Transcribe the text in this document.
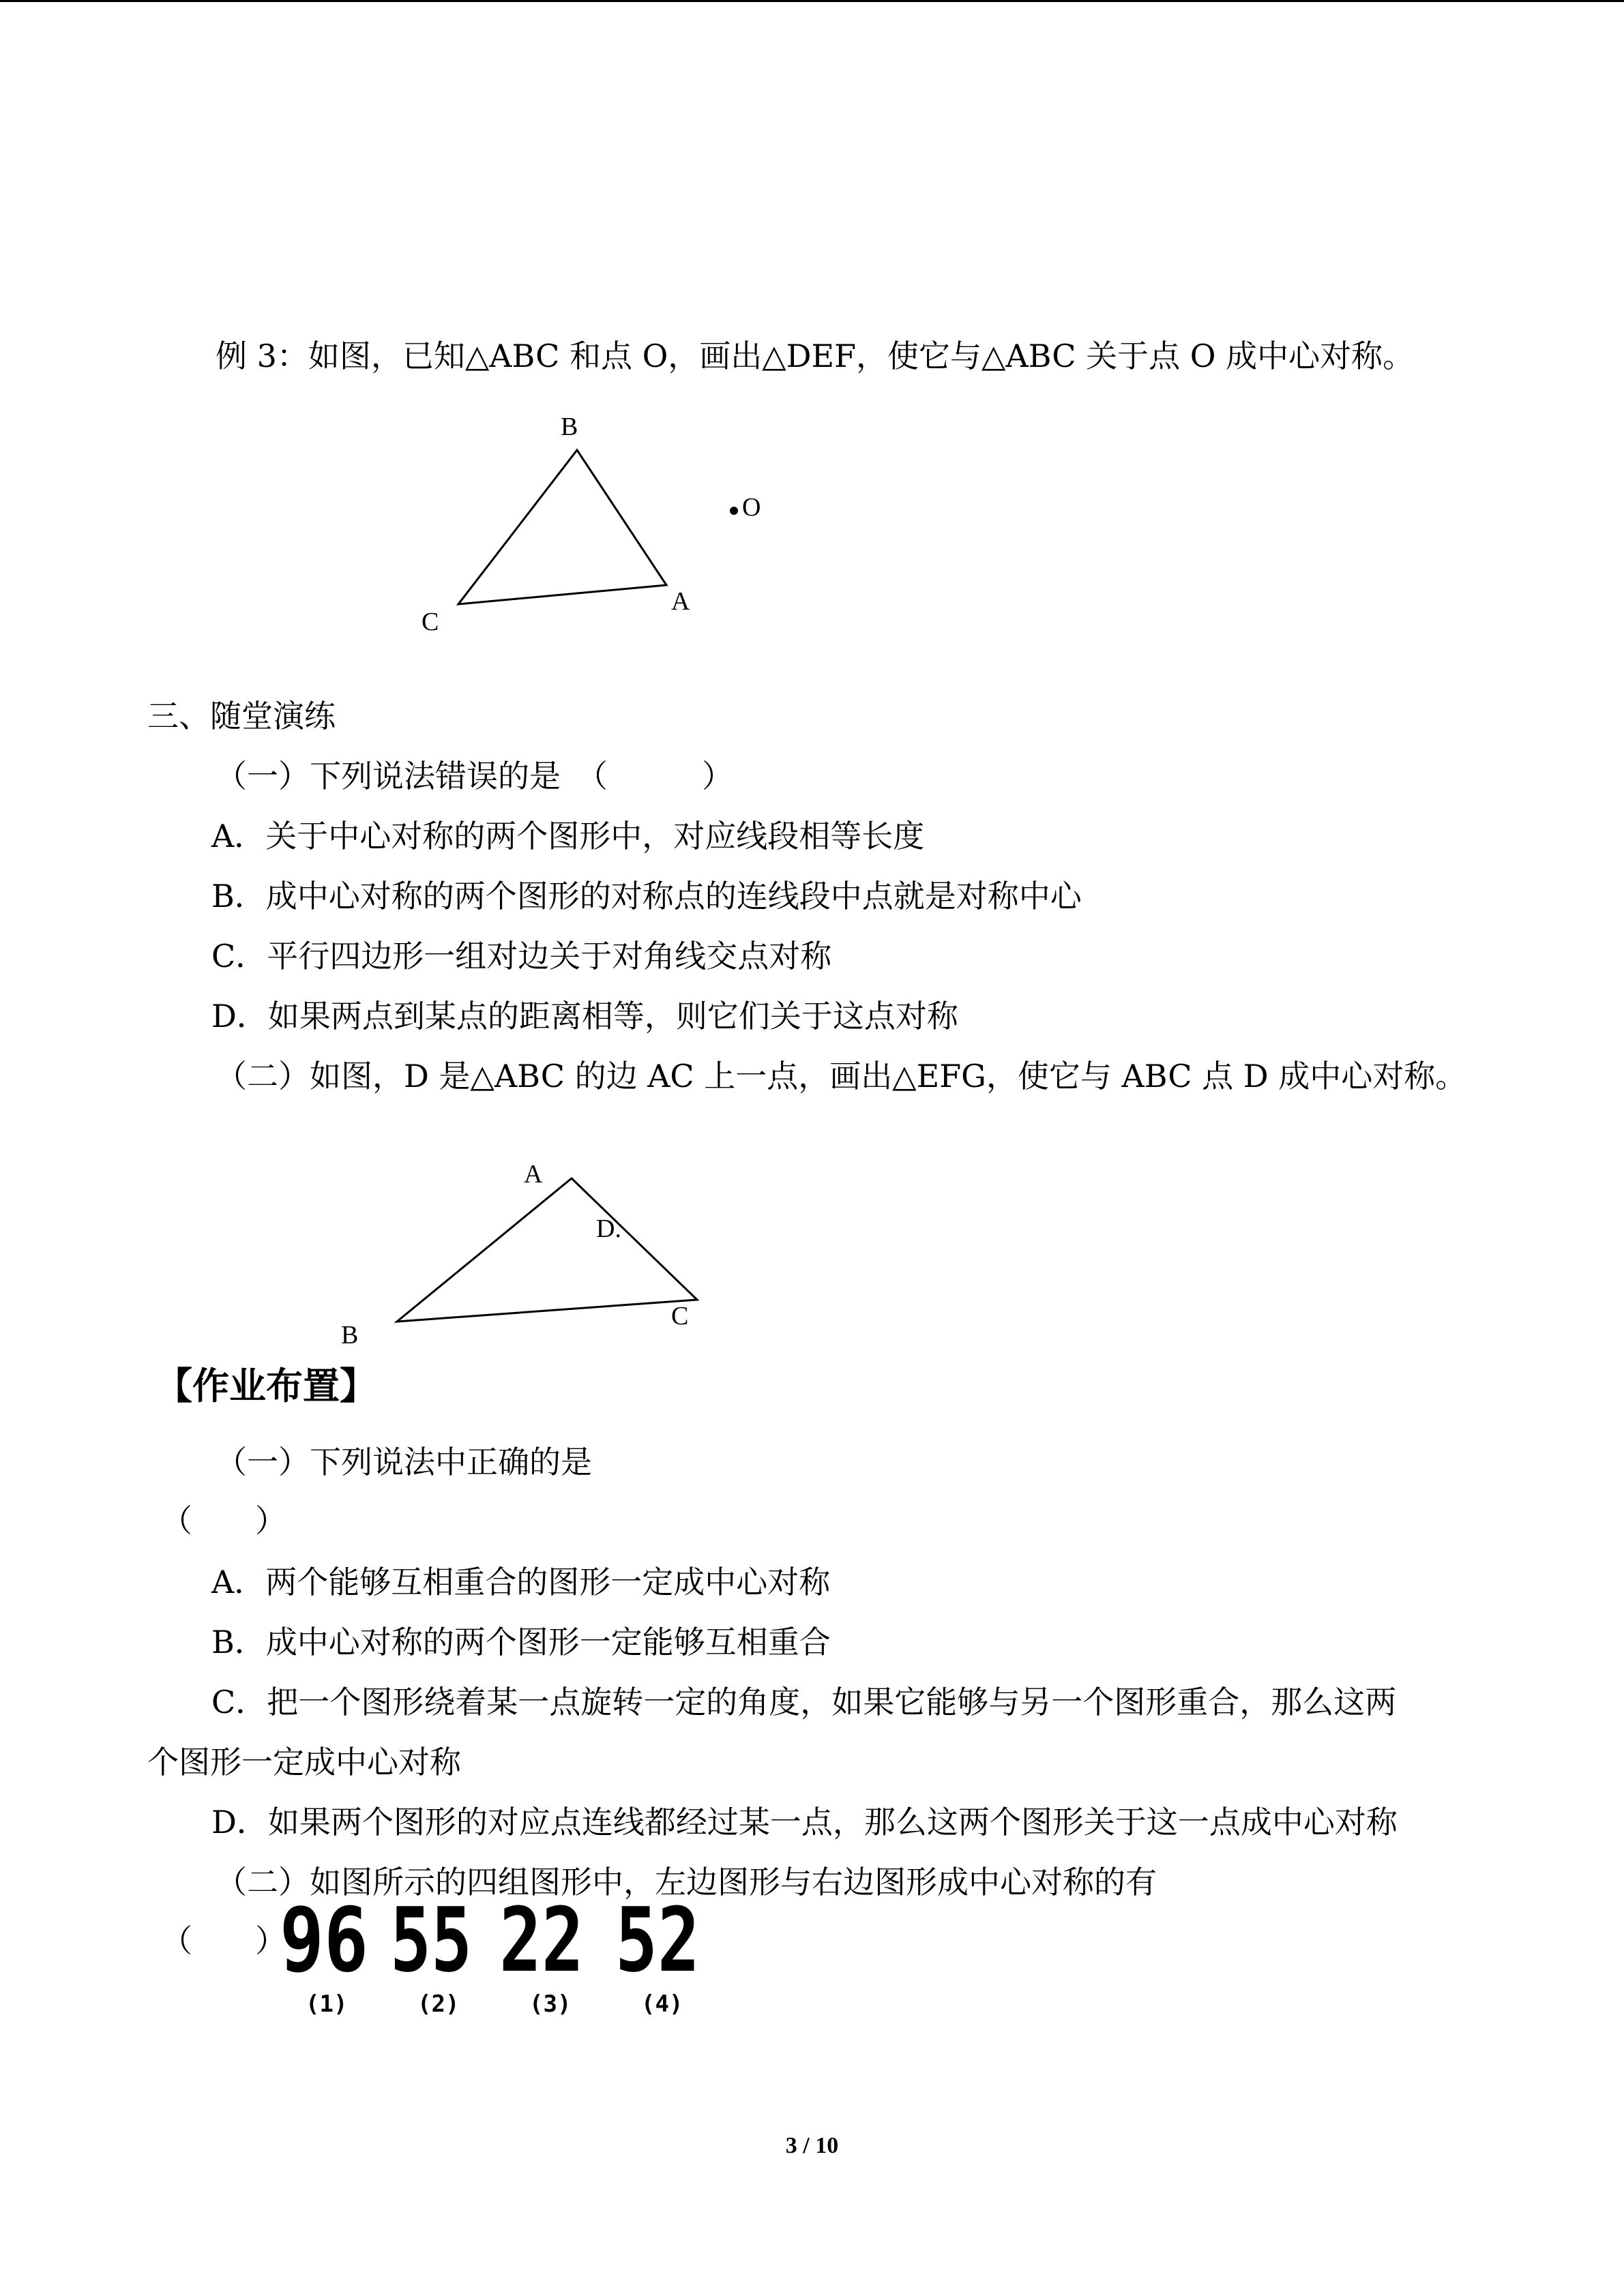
例 3：如图，已知△ABC 和点 O，画出△DEF，使它与△ABC 关于点 O 成中心对称。
B
A
C
O
三、随堂演练
（一）下列说法错误的是　（　　　）
A．关于中心对称的两个图形中，对应线段相等长度
B．成中心对称的两个图形的对称点的连线段中点就是对称中心
C．平行四边形一组对边关于对角线交点对称
D．如果两点到某点的距离相等，则它们关于这点对称
（二）如图，D 是△ABC 的边 AC 上一点，画出△EFG，使它与 ABC 点 D 成中心对称。
A
D.
C
B
【作业布置】
（一）下列说法中正确的是
（　　）
A．两个能够互相重合的图形一定成中心对称
B．成中心对称的两个图形一定能够互相重合
C．把一个图形绕着某一点旋转一定的角度，如果它能够与另一个图形重合，那么这两
个图形一定成中心对称
D．如果两个图形的对应点连线都经过某一点，那么这两个图形关于这一点成中心对称
（二）如图所示的四组图形中，左边图形与右边图形成中心对称的有
（　　）
96
(1)
55
(2)
22
(3)
52
(4)
3 / 10
